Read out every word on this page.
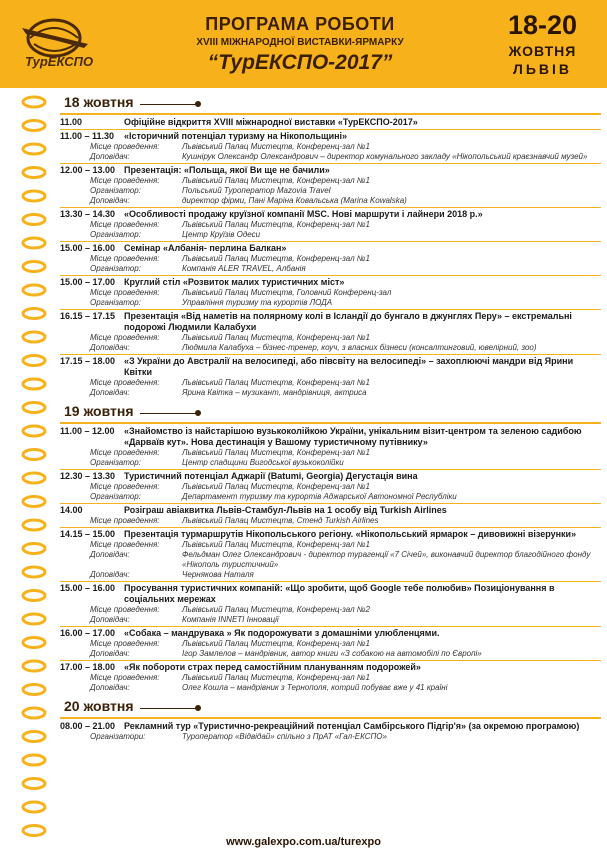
ТурЕКСПО
ПРОГРАМА РОБОТИ
XVIII МІЖНАРОДНОЇ ВИСТАВКИ-ЯРМАРКУ
“ТурЕКСПО-2017”
18-20
ЖОВТНЯ
ЛЬВІВ
18 жовтня
11.00	Офіційне відкриття XVIII міжнародної виставки «ТурЕКСПО-2017»
11.00 – 11.30	«Історичний потенціал туризму на Нікопольщині»
Місце проведення:	Львівський Палац Мистецтв, Конференц-зал №1
Доповідач:	Кушнірук Олександр Олександрович – директор комунального закладу «Нікопольський краєзнавчий музей»
12.00 – 13.00 Презентація: «Польща, якої Ви ще не бачили»
Місце проведення:	Львівський Палац Мистецтв, Конференц-зал №1
Організатор:	Польський Туроператор Mazovia Travel
Доповідач:	директор фірми, Пані Маріна Ковальська (Marina Kowalska)
13.30 – 14.30 «Особливості продажу круїзної компанії MSC. Нові маршрути і лайнери 2018 р.»
Місце проведення:	Львівський Палац Мистецтв, Конференц-зал №1
Організатор:	Центр Круїзів Одеси
15.00 – 16.00 Семінар «Албанія- перлина Балкан»
Місце проведення:	Львівський Палац Мистецтв, Конференц-зал №1
Організатор:	Компанія ALER TRAVEL, Албанія
15.00 – 17.00 Круглий стіл «Розвиток малих туристичних міст»
Місце проведення:	Львівський Палац Мистецтв, Головний Конференц-зал
Організатор:	Управління туризму та курортів ЛОДА
16.15 – 17.15 Презентація «Від наметів на полярному колі в Ісландії до бунгало в джунглях Перу» – екстремальні подорожі Людмили Калабухи
Місце проведення:	Львівський Палац Мистецтв, Конференц-зал №1
Доповідач:	Людмила Калабуха – бізнес-тренер, коуч, з власних бізнеси (консалтинговий, ювелірний, зоо)
17.15 – 18.00 «З України до Австралії на велосипеді, або півсвіту на велосипеді» – захоплюючі мандри від Ярини Квітки
Місце проведення:	Львівський Палац Мистецтв, Конференц-зал №1
Доповідач:	Ярина Квітка – музикант, мандрівниця, актриса
19 жовтня
11.00 – 12.00	«Знайомство із найстарішою вузькоколійкою України, унікальним візит-центром та зеленою садибою «Дарваїв кут». Нова дестинація у Вашому туристичному путівнику»
Місце проведення:	Львівський Палац Мистецтв, Конференц-зал №1
Організатор:	Центр спадщини Вигодської вузькоколійки
12.30 – 13.30 Туристичний потенціал Аджарії (Batumi, Georgia) Дегустація вина
Місце проведення:	Львівський Палац Мистецтв, Конференц-зал №1
Організатор:	Департамент туризму та курортів Аджарської Автономної Республіки
14.00	Розіграш авіаквитка Львів-Стамбул-Львів на 1 особу від Turkish Airlines
Місце проведення:	Львівський Палац Мистецтв, Стенд Turkish Airlines
14.15 – 15.00 Презентація турмаршрутів Нікопольського регіону. «Нікопольський ярмарок – дивовижні візерунки»
Місце проведення:	Львівський Палац Мистецтв, Конференц-зал №1
Доповідач:	Фельдман Олег Олександрович - директор турагенції «7 Січей», виконавчий директор благодійного фонду «Нікополь туристичний»
Доповідач:	Чернякова Наталя
15.00 – 16.00 Просування туристичних компаній: «Що зробити, щоб Google тебе полюбив» Позиціонування в соціальних мережах
Місце проведення:	Львівський Палац Мистецтв, Конференц-зал №2
Доповідач:	Компанія INNETI Інновації
16.00 – 17.00 «Собака – мандрувака » Як подорожувати з домашніми улюбленцями.
Місце проведення:	Львівський Палац Мистецтв, Конференц-зал №1
Доповідач:	Ігор Замлелов – мандрівник, автор книги «З собакою на автомобілі по Європі»
17.00 – 18.00 «Як побороти страх перед самостійним плануванням подорожей»
Місце проведення:	Львівський Палац Мистецтв, Конференц-зал №1
Доповідач:	Олег Кошла – мандрівник з Тернополя, котрий побуває вже у 41 країні
20 жовтня
08.00 – 21.00 Рекламний тур «Туристично-рекреаційний потенціал Самбірського Підгір'я» (за окремою програмою)
Організатори:	Туроператор «Відвідай» спільно з ПрАТ «Гал-ЕКСПО»
www.galexpo.com.ua/turexpo
